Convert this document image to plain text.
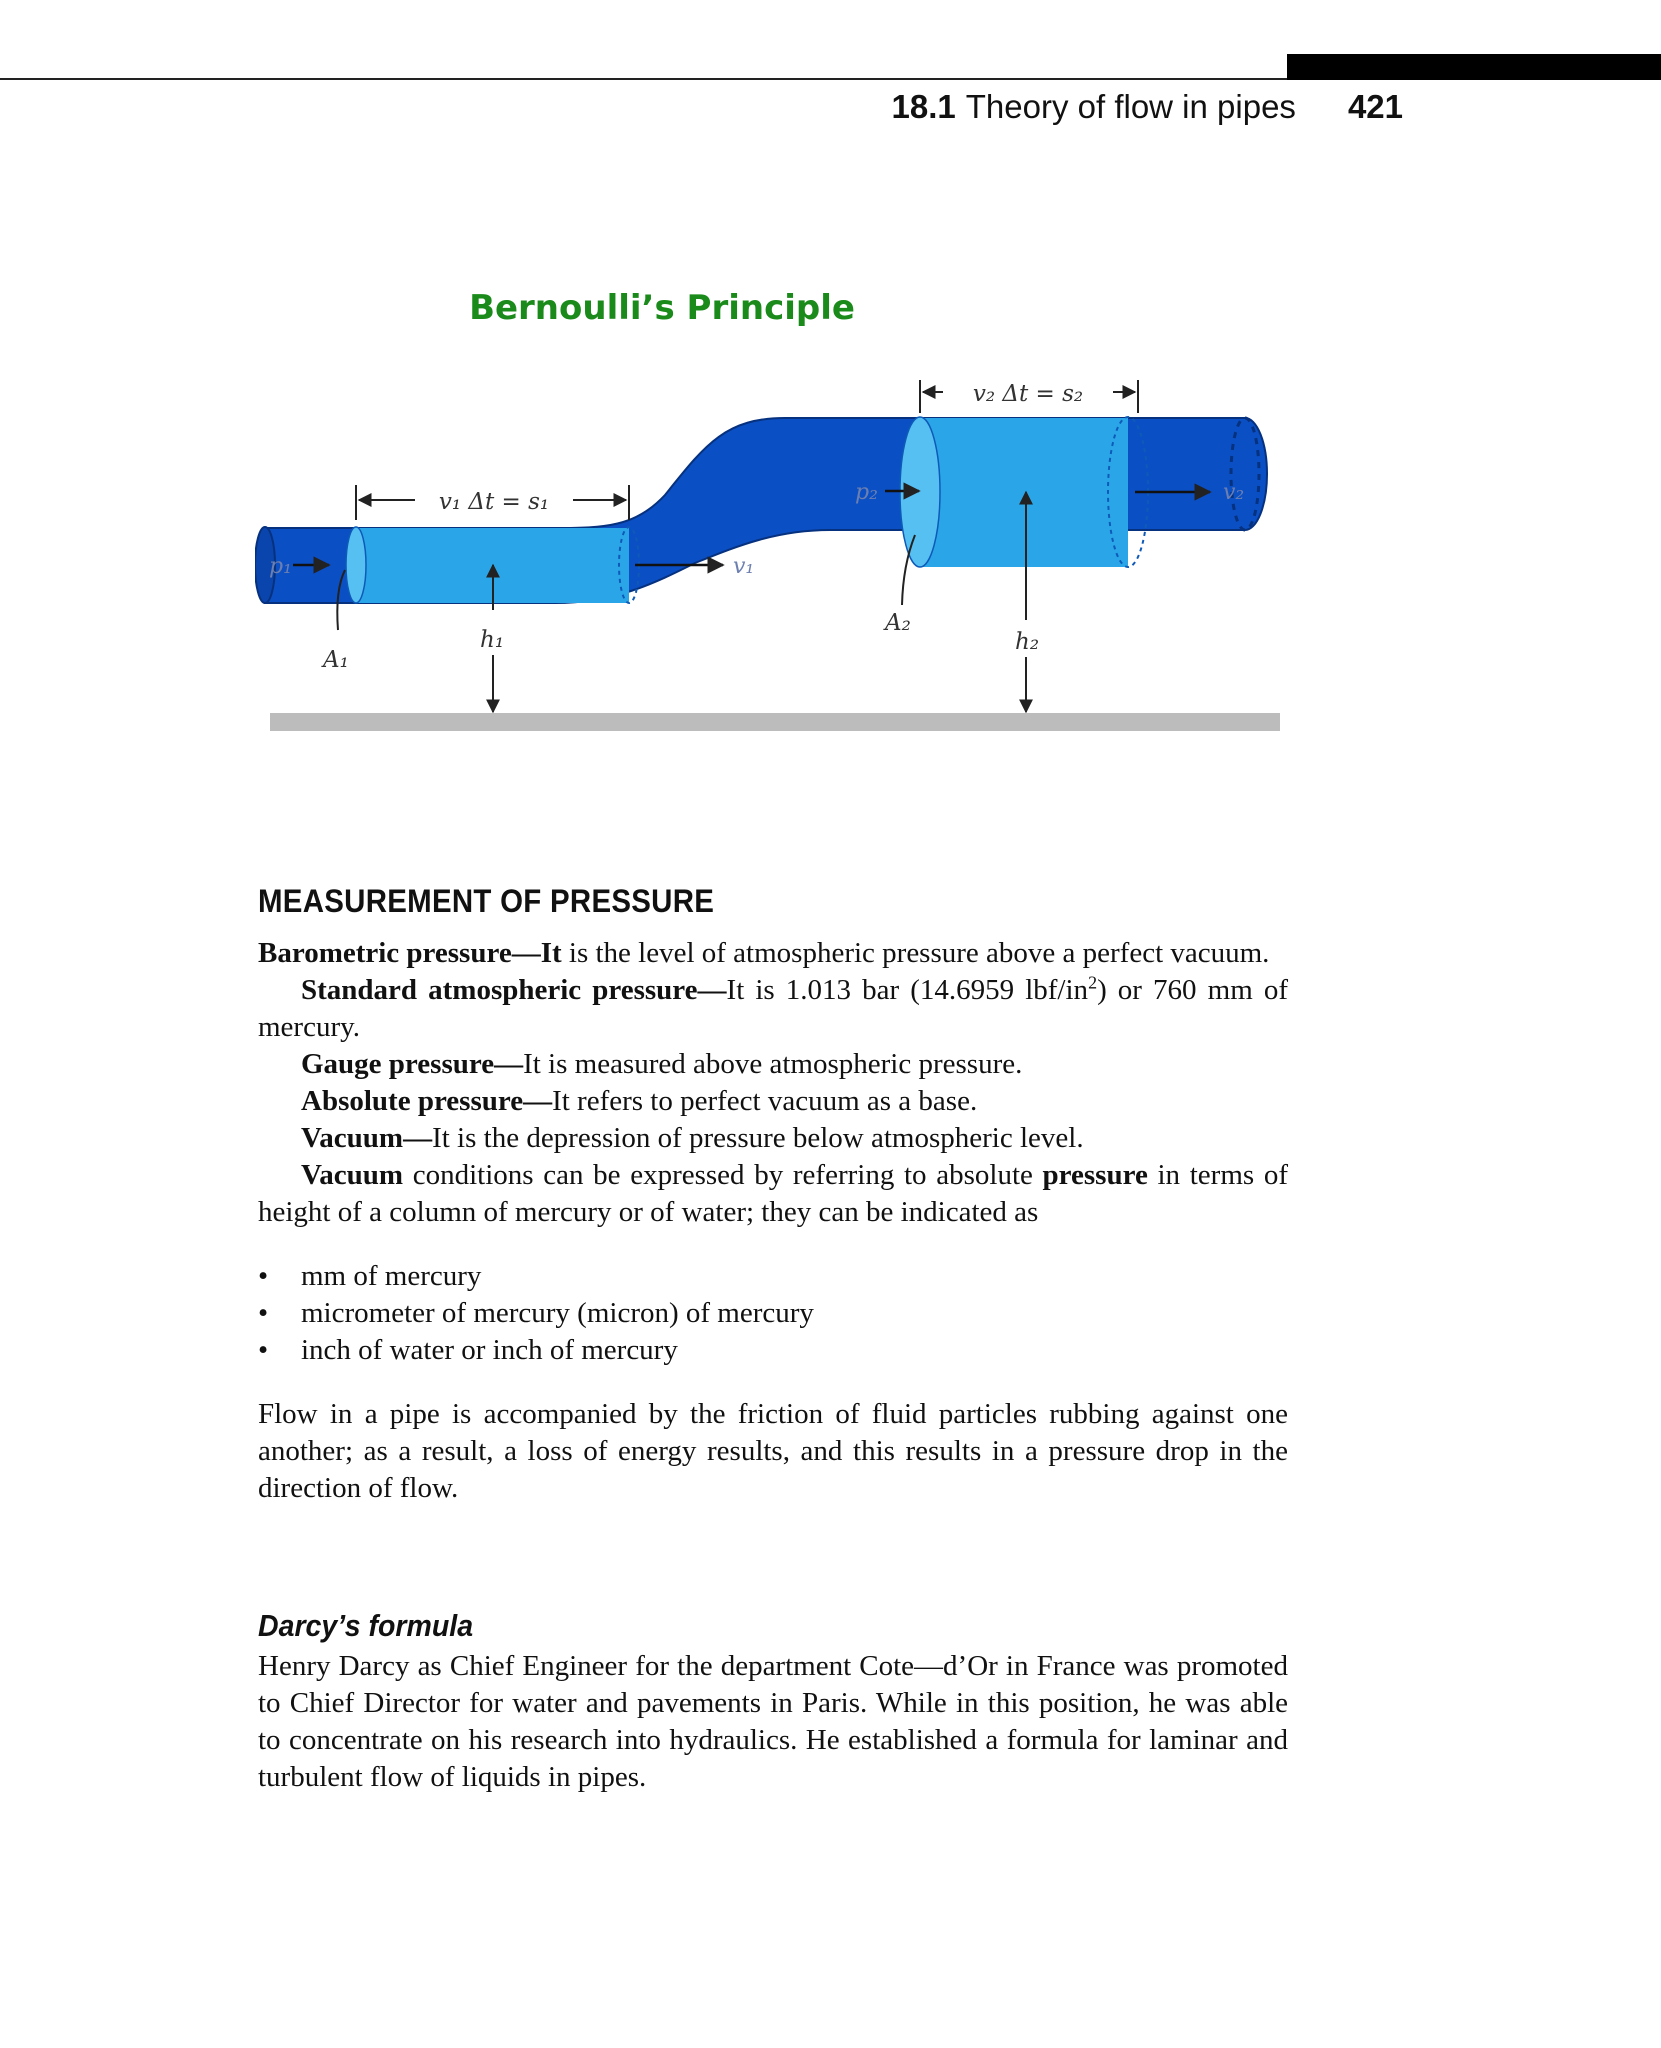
18.1 Theory of flow in pipes 421
Bernoulli’s Principle
v₁ Δt = s₁
v₂ Δt = s₂
p₁	v₁
p₂	v₂
A₁
A₂
h₁	h₂
MEASUREMENT OF PRESSURE

Barometric pressure—It is the level of atmospheric pressure above a perfect vacuum.

Standard atmospheric pressure—It is 1.013 bar (14.6959 lbf/$in^2$) or 760 mm of mercury.

Gauge pressure—It is measured above atmospheric pressure.

Absolute pressure—It refers to perfect vacuum as a base.

Vacuum—It is the depression of pressure below atmospheric level.

Vacuum conditions can be expressed by referring to absolute pressure in terms of height of a column of mercury or of water; they can be indicated as

• mm of mercury
• micrometer of mercury (micron) of mercury
• inch of water or inch of mercury

Flow in a pipe is accompanied by the friction of fluid particles rubbing against one another; as a result, a loss of energy results, and this results in a pressure drop in the direction of flow.

Darcy’s formula

Henry Darcy as Chief Engineer for the department Cote—d’Or in France was promoted to Chief Director for water and pavements in Paris. While in this position, he was able to concentrate on his research into hydraulics. He established a formula for laminar and turbulent flow of liquids in pipes.
